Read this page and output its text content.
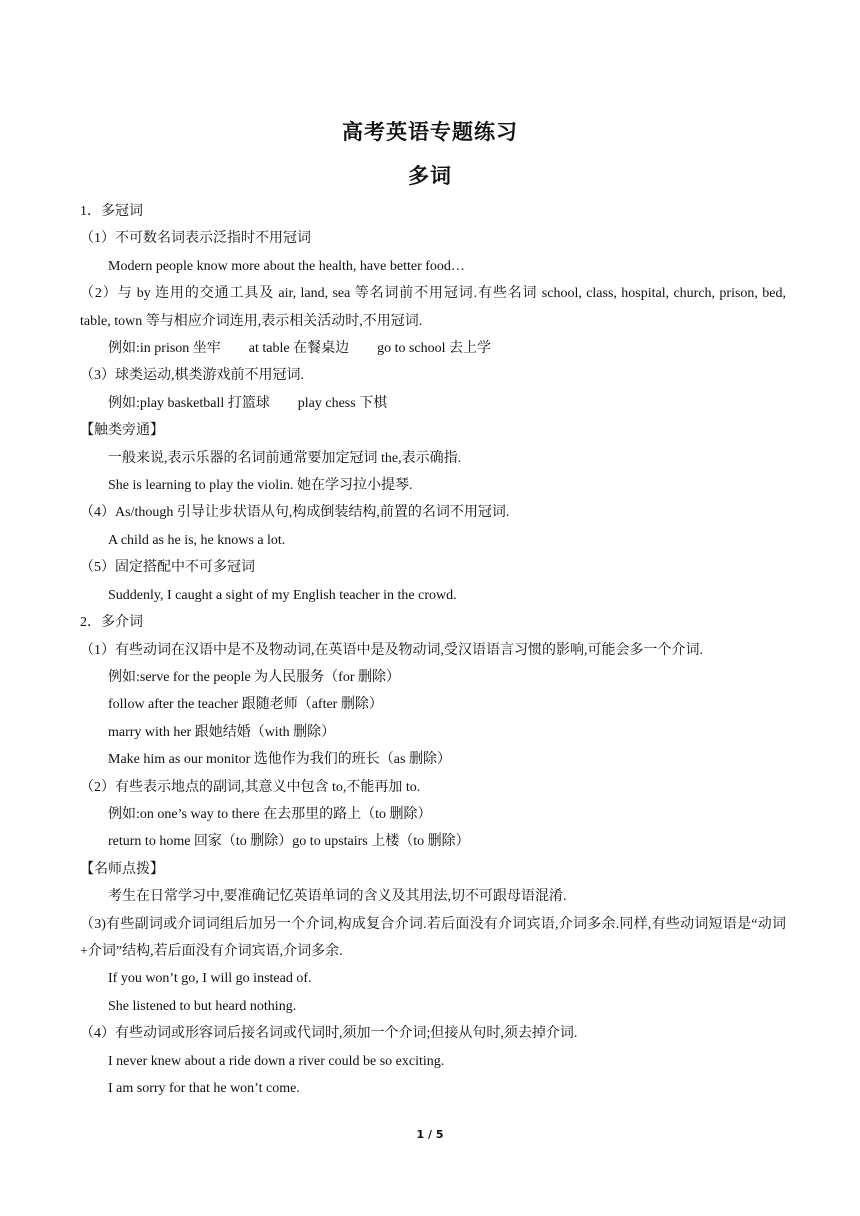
高考英语专题练习
多词
1．多冠词
（1）不可数名词表示泛指时不用冠词
Modern people know more about the health, have better food…
（2）与 by 连用的交通工具及 air, land, sea 等名词前不用冠词.有些名词 school, class, hospital, church, prison, bed, table, town 等与相应介词连用,表示相关活动时,不用冠词.
例如:in prison 坐牢 at table 在餐桌边 go to school 去上学
（3）球类运动,棋类游戏前不用冠词.
例如:play basketball 打篮球 play chess 下棋
【触类旁通】
一般来说,表示乐器的名词前通常要加定冠词 the,表示确指.
She is learning to play the violin. 她在学习拉小提琴.
（4）As/though 引导让步状语从句,构成倒装结构,前置的名词不用冠词.
A child as he is, he knows a lot.
（5）固定搭配中不可多冠词
Suddenly, I caught a sight of my English teacher in the crowd.
2．多介词
（1）有些动词在汉语中是不及物动词,在英语中是及物动词,受汉语语言习惯的影响,可能会多一个介词.
例如:serve for the people 为人民服务（for 删除）
follow after the teacher 跟随老师（after 删除）
marry with her 跟她结婚（with 删除）
Make him as our monitor 选他作为我们的班长（as 删除）
（2）有些表示地点的副词,其意义中包含 to,不能再加 to.
例如:on one’s way to there 在去那里的路上（to 删除）
return to home 回家（to 删除）go to upstairs 上楼（to 删除）
【名师点拨】
考生在日常学习中,要准确记忆英语单词的含义及其用法,切不可跟母语混淆.
（3)有些副词或介词词组后加另一个介词,构成复合介词.若后面没有介词宾语,介词多余.同样,有些动词短语是“动词+介词”结构,若后面没有介词宾语,介词多余.
If you won’t go, I will go instead of.
She listened to but heard nothing.
（4）有些动词或形容词后接名词或代词时,须加一个介词;但接从句时,须去掉介词.
I never knew about a ride down a river could be so exciting.
I am sorry for that he won’t come.
1 / 5
